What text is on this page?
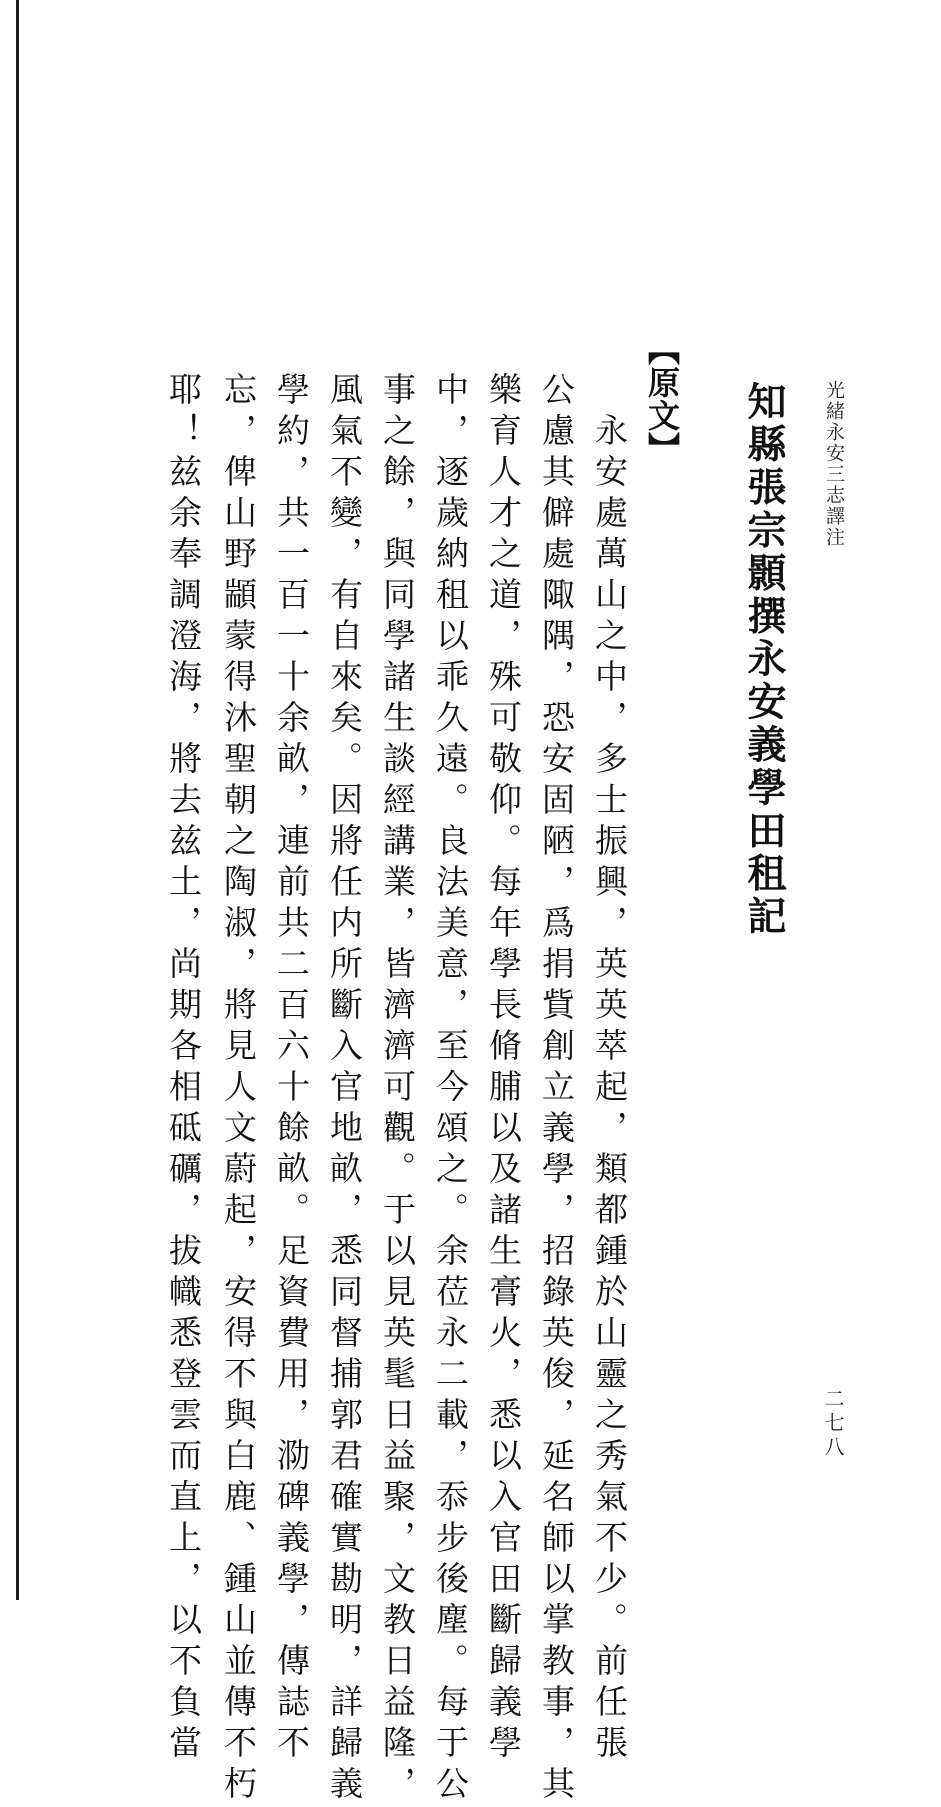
光緒永安三志譯注
二七八
知縣張宗顥撰永安義學田租記
【原文】
　永安處萬山之中，多士振興，英英萃起，類都鍾於山靈之秀氣不少。前任張
公慮其僻處陬隅，恐安固陋，爲捐貲創立義學，招錄英俊，延名師以掌教事，其
樂育人才之道，殊可敬仰。每年學長脩脯以及諸生膏火，悉以入官田斷歸義學
中，逐歲納租以乖久遠。良法美意，至今頌之。余莅永二載，忝步後塵。每于公
事之餘，與同學諸生談經講業，皆濟濟可觀。于以見英髦日益聚，文教日益隆，
風氣不變，有自來矣。因將任内所斷入官地畝，悉同督捕郭君確實勘明，詳歸義
學約，共一百一十余畝，連前共二百六十餘畝。足資費用，泐碑義學，傳誌不
忘，俾山野顓蒙得沐聖朝之陶淑，將見人文蔚起，安得不與白鹿、鍾山並傳不朽
耶！兹余奉調澄海，將去兹土，尚期各相砥礪，拔幟悉登雲而直上，以不負當
